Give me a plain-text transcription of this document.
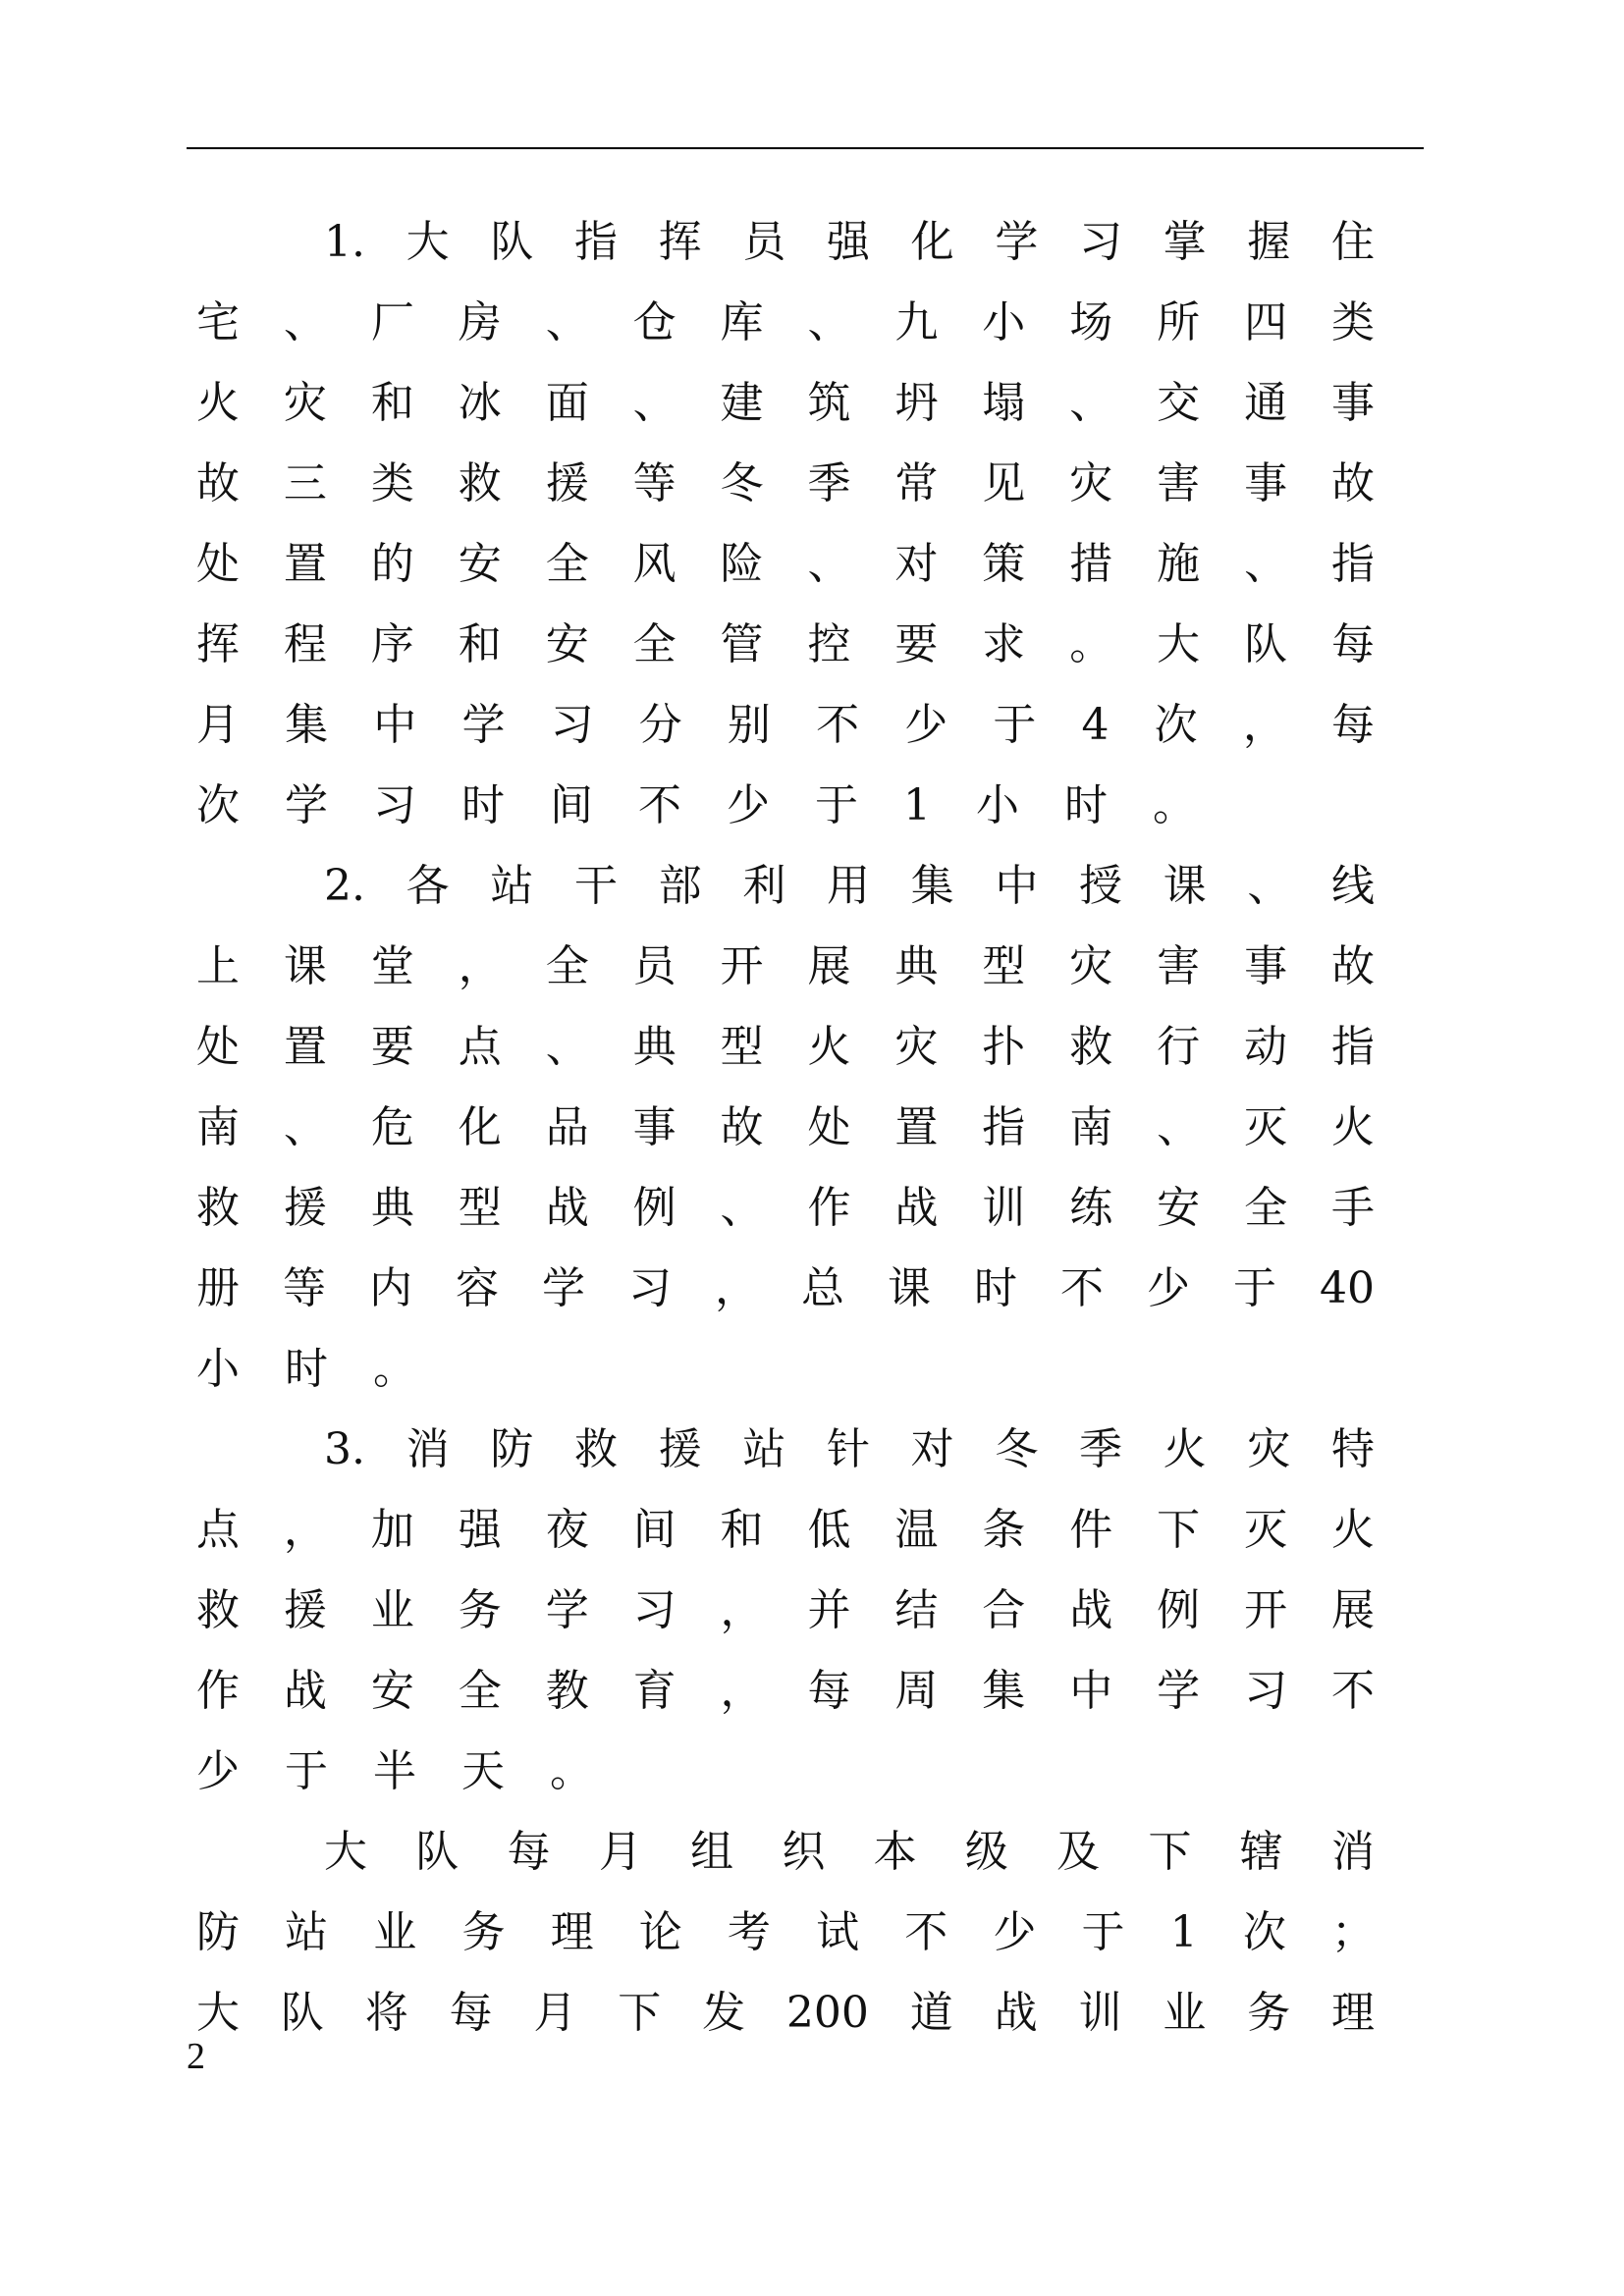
1.大队指挥员强化学习掌握住
宅、厂房、仓库、九小场所四类
火灾和冰面、建筑坍塌、交通事
故三类救援等冬季常见灾害事故
处置的安全风险、对策措施、指
挥程序和安全管控要求。大队每
月集中学习分别不少于4次，每
次学习时间不少于1小时。
2.各站干部利用集中授课、线
上课堂，全员开展典型灾害事故
处置要点、典型火灾扑救行动指
南、危化品事故处置指南、灭火
救援典型战例、作战训练安全手
册等内容学习，总课时不少于40
小时。
3.消防救援站针对冬季火灾特
点，加强夜间和低温条件下灭火
救援业务学习，并结合战例开展
作战安全教育，每周集中学习不
少于半天。
大队每月组织本级及下辖消
防站业务理论考试不少于1次；
大队将每月下发200道战训业务理
2
